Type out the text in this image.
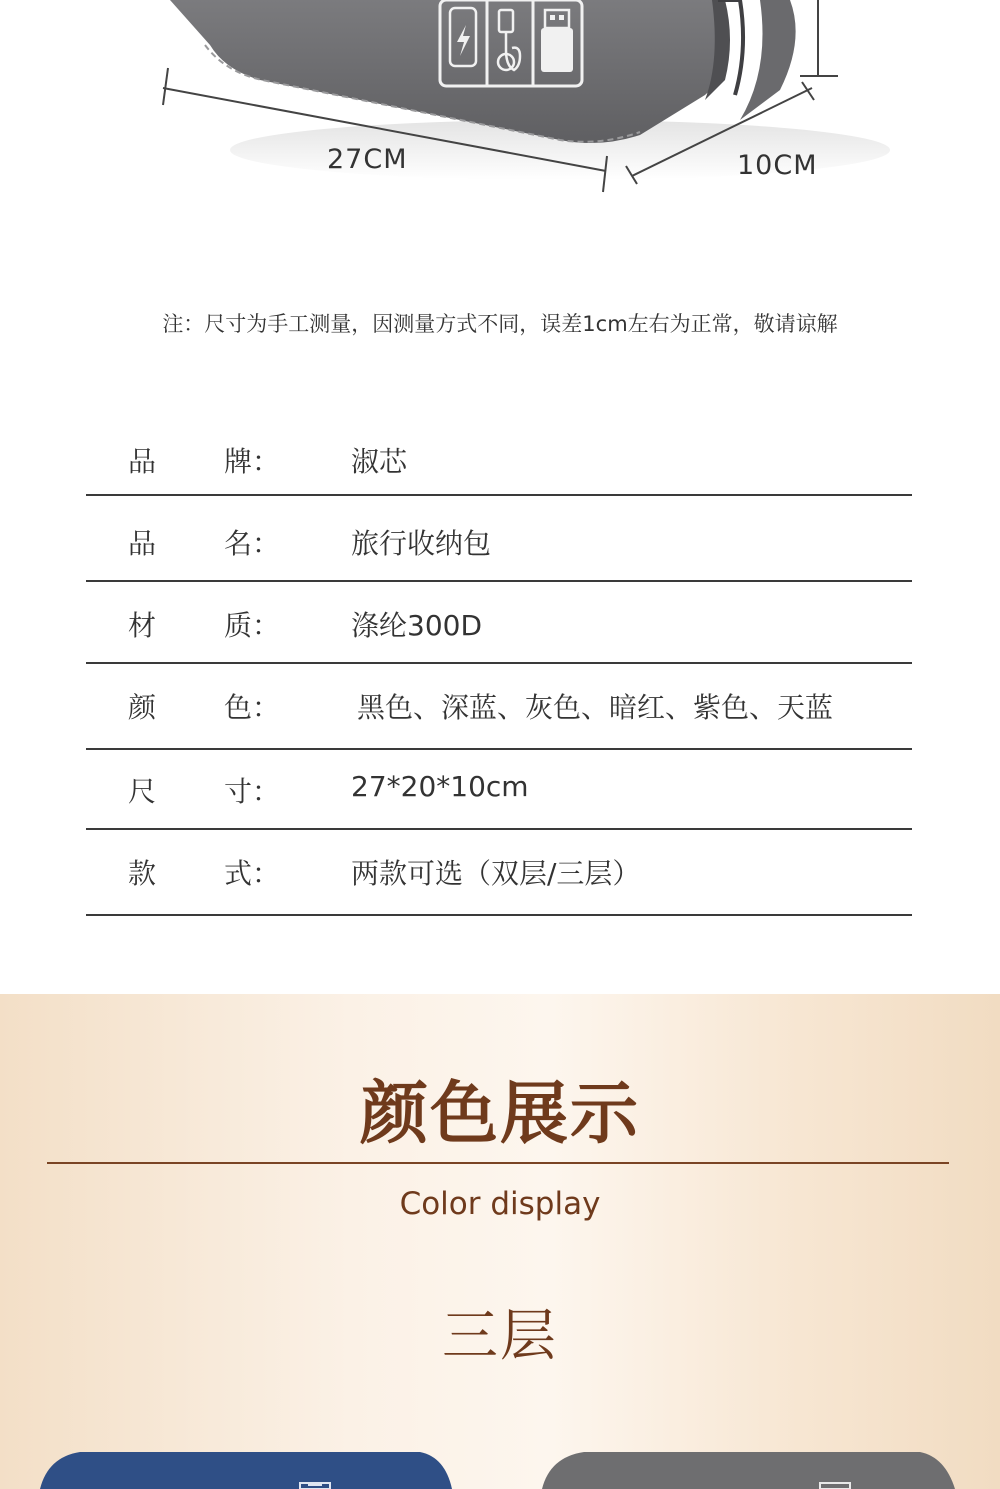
27CM	10CM
注：尺寸为手工测量，因测量方式不同，误差1cm左右为正常，敬请谅解
品 牌：	淑芯
品 名：	旅行收纳包
材 质：	涤纶300D
颜 色：	黑色、深蓝、灰色、暗红、紫色、天蓝
尺 寸：	27*20*10cm
款 式：	两款可选（双层/三层）
颜色展示
Color display
三层
